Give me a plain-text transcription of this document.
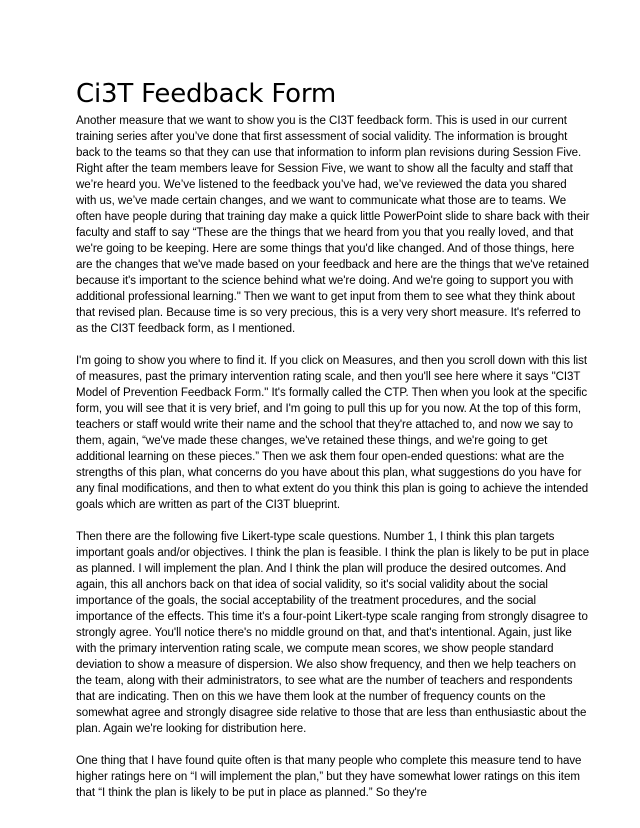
Ci3T Feedback Form

Another measure that we want to show you is the CI3T feedback form. This is used in our current training series after you’ve done that first assessment of social validity. The information is brought back to the teams so that they can use that information to inform plan revisions during Session Five. Right after the team members leave for Session Five, we want to show all the faculty and staff that we’re heard you. We’ve listened to the feedback you’ve had, we’ve reviewed the data you shared with us, we’ve made certain changes, and we want to communicate what those are to teams. We often have people during that training day make a quick little PowerPoint slide to share back with their faculty and staff to say “These are the things that we heard from you that you really loved, and that we're going to be keeping. Here are some things that you'd like changed. And of those things, here are the changes that we've made based on your feedback and here are the things that we've retained because it's important to the science behind what we're doing. And we're going to support you with additional professional learning." Then we want to get input from them to see what they think about that revised plan. Because time is so very precious, this is a very very short measure. It's referred to as the CI3T feedback form, as I mentioned.

I'm going to show you where to find it. If you click on Measures, and then you scroll down with this list of measures, past the primary intervention rating scale, and then you'll see here where it says "CI3T Model of Prevention Feedback Form." It's formally called the CTP. Then when you look at the specific form, you will see that it is very brief, and I'm going to pull this up for you now. At the top of this form, teachers or staff would write their name and the school that they're attached to, and now we say to them, again, “we've made these changes, we've retained these things, and we're going to get additional learning on these pieces.” Then we ask them four open-ended questions: what are the strengths of this plan, what concerns do you have about this plan, what suggestions do you have for any final modifications, and then to what extent do you think this plan is going to achieve the intended goals which are written as part of the CI3T blueprint.

Then there are the following five Likert-type scale questions. Number 1, I think this plan targets important goals and/or objectives. I think the plan is feasible. I think the plan is likely to be put in place as planned. I will implement the plan. And I think the plan will produce the desired outcomes. And again, this all anchors back on that idea of social validity, so it's social validity about the social importance of the goals, the social acceptability of the treatment procedures, and the social importance of the effects. This time it's a four-point Likert-type scale ranging from strongly disagree to strongly agree. You'll notice there's no middle ground on that, and that's intentional. Again, just like with the primary intervention rating scale, we compute mean scores, we show people standard deviation to show a measure of dispersion. We also show frequency, and then we help teachers on the team, along with their administrators, to see what are the number of teachers and respondents that are indicating. Then on this we have them look at the number of frequency counts on the somewhat agree and strongly disagree side relative to those that are less than enthusiastic about the plan. Again we're looking for distribution here.

One thing that I have found quite often is that many people who complete this measure tend to have higher ratings here on “I will implement the plan,” but they have somewhat lower ratings on this item that “I think the plan is likely to be put in place as planned.” So they're
